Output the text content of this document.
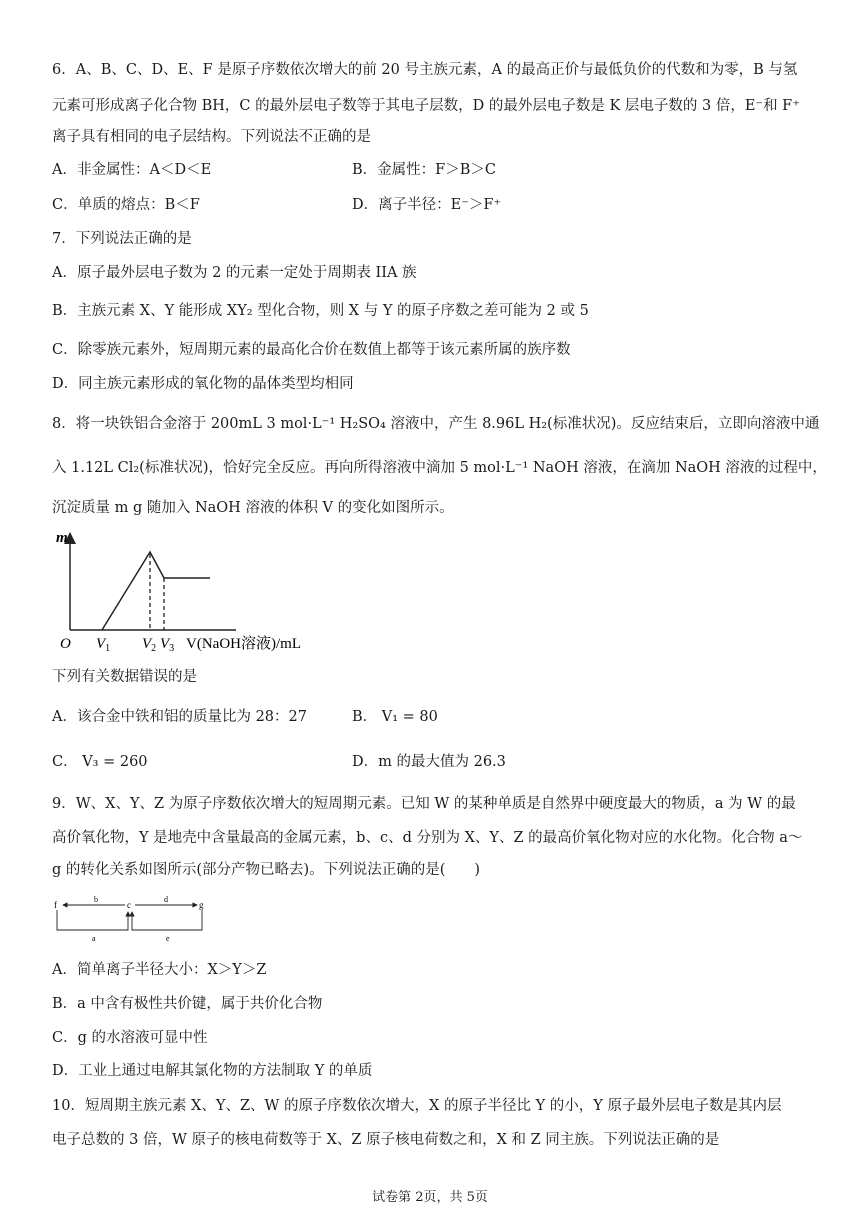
6．A、B、C、D、E、F 是原子序数依次增大的前 20 号主族元素，A 的最高正价与最低负价的代数和为零，B 与氢
元素可形成离子化合物 BH，C 的最外层电子数等于其电子层数，D 的最外层电子数是 K 层电子数的 3 倍，E⁻和 F⁺
离子具有相同的电子层结构。下列说法不正确的是
A．非金属性：A＜D＜E	B．金属性：F＞B＞C
C．单质的熔点：B＜F	D．离子半径：E⁻＞F⁺
7．下列说法正确的是
A．原子最外层电子数为 2 的元素一定处于周期表 IIA 族
B．主族元素 X、Y 能形成 XY₂ 型化合物，则 X 与 Y 的原子序数之差可能为 2 或 5
C．除零族元素外，短周期元素的最高化合价在数值上都等于该元素所属的族序数
D．同主族元素形成的氧化物的晶体类型均相同
8．将一块铁铝合金溶于 200mL 3 mol·L⁻¹ H₂SO₄ 溶液中，产生 8.96L H₂(标准状况)。反应结束后，立即向溶液中通
入 1.12L Cl₂(标准状况)，恰好完全反应。再向所得溶液中滴加 5 mol·L⁻¹ NaOH 溶液，在滴加 NaOH 溶液的过程中，
沉淀质量 m g 随加入 NaOH 溶液的体积 V 的变化如图所示。
m
O $V_1$ $V_2$ $V_3$ V(NaOH溶液)/mL
下列有关数据错误的是
A．该合金中铁和铝的质量比为 28：27	B． V₁ = 80
C． V₃ = 260	D．m 的最大值为 26.3
9．W、X、Y、Z 为原子序数依次增大的短周期元素。已知 W 的某种单质是自然界中硬度最大的物质，a 为 W 的最
高价氧化物，Y 是地壳中含量最高的金属元素，b、c、d 分别为 X、Y、Z 的最高价氧化物对应的水化物。化合物 a～
g 的转化关系如图所示(部分产物已略去)。下列说法正确的是(　　)
f	c	g
b	d
a	e
A．简单离子半径大小：X＞Y＞Z
B．a 中含有极性共价键，属于共价化合物
C．g 的水溶液可显中性
D．工业上通过电解其氯化物的方法制取 Y 的单质
10．短周期主族元素 X、Y、Z、W 的原子序数依次增大，X 的原子半径比 Y 的小，Y 原子最外层电子数是其内层
电子总数的 3 倍，W 原子的核电荷数等于 X、Z 原子核电荷数之和，X 和 Z 同主族。下列说法正确的是
试卷第 2页，共 5页
